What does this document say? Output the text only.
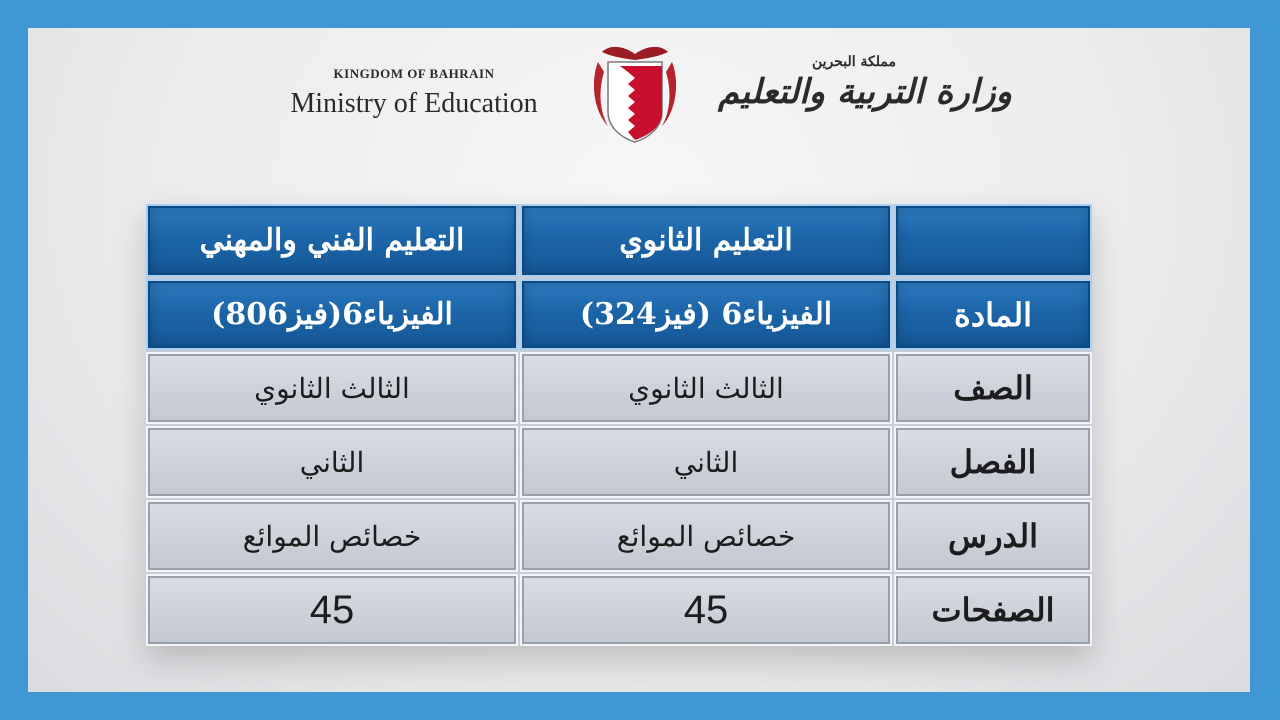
KINGDOM OF BAHRAIN
Ministry of Education
مملكة البحرين
وزارة التربية والتعليم
التعليم الثانوي
التعليم الفني والمهني
المادة
الفيزياء6 (فيز324)
الفيزياء6(فيز806)
الصف
الثالث الثانوي
الثالث الثانوي
الفصل
الثاني
الثاني
الدرس
خصائص الموائع
خصائص الموائع
الصفحات
45
45
